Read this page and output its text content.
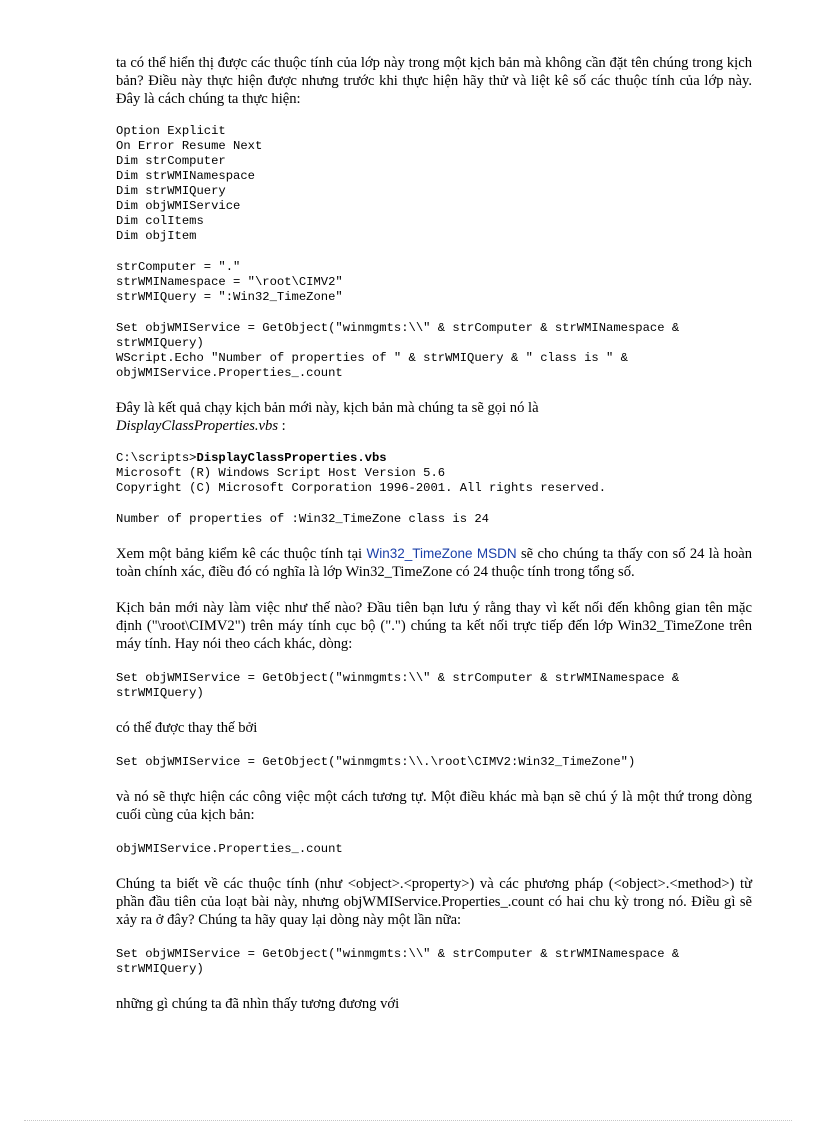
ta có thể hiển thị được các thuộc tính của lớp này trong một kịch bản mà không cần đặt tên chúng trong kịch bản? Điều này thực hiện được nhưng trước khi thực hiện hãy thử và liệt kê số các thuộc tính của lớp này. Đây là cách chúng ta thực hiện:

Option Explicit
On Error Resume Next
Dim strComputer
Dim strWMINamespace
Dim strWMIQuery
Dim objWMIService
Dim colItems
Dim objItem
strComputer = "."
strWMINamespace = "\root\CIMV2"
strWMIQuery = ":Win32_TimeZone"
Set objWMIService = GetObject("winmgmts:\\" & strComputer & strWMINamespace &
strWMIQuery)
WScript.Echo "Number of properties of " & strWMIQuery & " class is " &
objWMIService.Properties_.count

Đây là kết quả chạy kịch bản mới này, kịch bản mà chúng ta sẽ gọi nó là
DisplayClassProperties.vbs :

C:\scripts>DisplayClassProperties.vbs
Microsoft (R) Windows Script Host Version 5.6
Copyright (C) Microsoft Corporation 1996-2001. All rights reserved.
Number of properties of :Win32_TimeZone class is 24

Xem một bảng kiểm kê các thuộc tính tại Win32_TimeZone MSDN sẽ cho chúng ta thấy con số 24 là hoàn toàn chính xác, điều đó có nghĩa là lớp Win32_TimeZone có 24 thuộc tính trong tổng số.

Kịch bản mới này làm việc như thế nào? Đầu tiên bạn lưu ý rằng thay vì kết nối đến không gian tên mặc định ("\root\CIMV2") trên máy tính cục bộ (".") chúng ta kết nối trực tiếp đến lớp Win32_TimeZone trên máy tính. Hay nói theo cách khác, dòng:

Set objWMIService = GetObject("winmgmts:\\" & strComputer & strWMINamespace &
strWMIQuery)

có thể được thay thế bởi

Set objWMIService = GetObject("winmgmts:\\.\root\CIMV2:Win32_TimeZone")

và nó sẽ thực hiện các công việc một cách tương tự. Một điều khác mà bạn sẽ chú ý là một thứ trong dòng cuối cùng của kịch bản:

objWMIService.Properties_.count

Chúng ta biết về các thuộc tính (như <object>.<property>) và các phương pháp (<object>.<method>) từ phần đầu tiên của loạt bài này, nhưng objWMIService.Properties_.count có hai chu kỳ trong nó. Điều gì sẽ xảy ra ở đây? Chúng ta hãy quay lại dòng này một lần nữa:

Set objWMIService = GetObject("winmgmts:\\" & strComputer & strWMINamespace &
strWMIQuery)

những gì chúng ta đã nhìn thấy tương đương với
